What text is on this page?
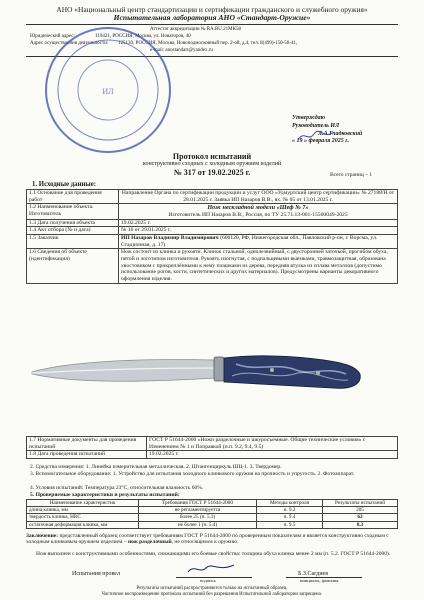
АНО «Национальный центр стандартизации и сертификации гражданского и служебного оружия»
Испытательная лаборатория АНО «Стандарт-Оружие»
Аттестат аккредитации № RA.RU.21МК58
Юридический адрес:	119421, РОССИЯ, Москва, ул. Новаторов, 40
Адрес осуществления деятельности: 125130, РОССИЯ, Москва, Новоподмосковный пер. 2-ой, д.4, тел. 8(499)-150-58-41,
e-mail: anostandart@yandex.ru
ИЛ
Утверждаю
Руководитель ИЛ
Л.А.Гладковский
« 19 » февраля 2025 г.
Протокол испытаний
конструктивно сходных с холодным оружием изделий
№ 317 от 19.02.2025 г.	Всего страниц – 1
1. Исходные данные:
1.1 Основание для проведения работ	Направление Органа по сертификации продукции и услуг ООО «Удмуртский центр сертификации» № 27188/Н от 28.01.2025 г. Заявка ИП Назаров В.В., вх. № 05 от 13.01.2025 г.
1.2 Наименование объекта. Изготовитель	Нож нескладной модели «Шеф № 7»
Изготовитель ИП Назаров В.В., Россия, по ТУ 25.71.13-001-15500049-2025

1.3 Дата получения объекта	19.02.2025 г.
1.4 Акт отбора (№ и дата)	№ 16 от 29.01.2025 г.
1.5 Заказчик	ИП Назаров Владимир Владимирович (606120, РФ, Нижегородская обл., Павловский р-он, г. Ворсма, ул. Стадионная, д. 17)
1.6 Сведения об объекте (идентификация)	Нож состоит из клинка и рукояти. Клинок стальной, однолезвийный, с двусторонней заточкой, прогибом обуха, пятой и логотипом изготовителя. Рукоять изогнутая, с подпальцевыми выемками, травмозащитная, образована хвостовиком с прикреплёнными к нему плашками из дерева, передняя втулка из сплава металлов (допустимо использование рогов, кости, синтетических и других материалов). Предусмотрены варианты декоративного оформления изделия.
1.7 Нормативные документы для проведения испытаний	ГОСТ Р 51644-2000 «Ножи разделочные и шкуросъемные. Общие технические условия» с Изменением № 1 и Поправкой (п.п. 9.2, 9.4, 9.5)
1.8 Дата проведения испытаний	19.02.2025 г.
2. Средства измерения: 1. Линейка измерительная металлическая. 2. Штангенциркуль ШЦ-1. 3. Твердомер.
3. Вспомогательное оборудование: 1. Устройство для испытания холодного клинкового оружия на прочность и упругость. 2. Фотоаппарат.
4. Условия испытаний: Температура 23°С, относительная влажность 60%.
5. Проверяемые характеристики и результаты испытаний:
Наименование характеристик	Требования ГОСТ Р 51644-2000	Методы контроля	Результаты испытаний
длина клинка, мм	не регламентируется	п. 9.2	205
твердость клинка, HRC	более 25 (п. 5.3)	п. 9.4	62
остаточная деформация клинка, мм	не более 1 (п. 5.4)	п. 9.5	0,3
Заключение: представленный образец соответствует требованиям ГОСТ Р 51644-2000 по проверенным показателям и является конструктивно сходным с холодным клинковым оружием изделием – нож разделочный, не относящимся к оружию.
Нож выполнен с конструктивными особенностями, снижающими его боевые свойства: толщина обуха клинка менее 2 мм (п. 5.2. ГОСТ Р 51644-2000).
Испытания провел
подпись
Б.З.Сагдиев
инициалы, фамилия
Результаты испытаний распространяются только на испытанный образец.
Частичное воспроизведение протокола испытаний без разрешения Испытательной лаборатории запрещено.
